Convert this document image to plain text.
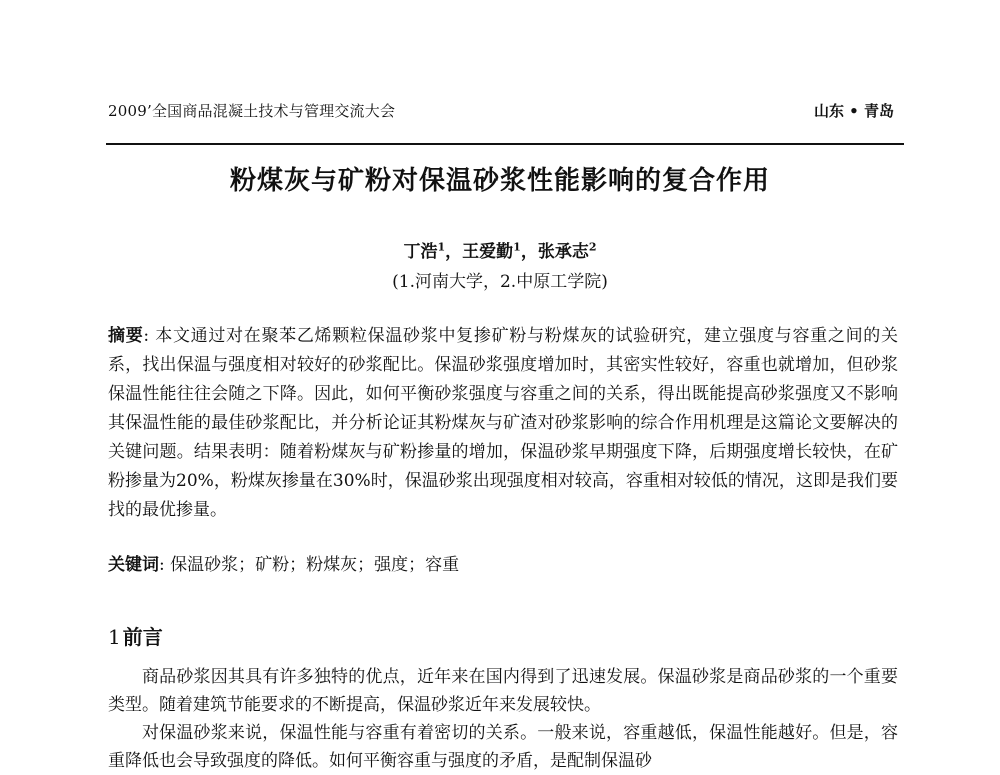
2009’全国商品混凝土技术与管理交流大会	山东 • 青岛
粉煤灰与矿粉对保温砂浆性能影响的复合作用
丁浩$^1$，王爱勤$^1$，张承志$^2$
(1.河南大学，2.中原工学院)

摘要: 本文通过对在聚苯乙烯颗粒保温砂浆中复掺矿粉与粉煤灰的试验研究，建立强度与容重之间的关系，找出保温与强度相对较好的砂浆配比。保温砂浆强度增加时，其密实性较好，容重也就增加，但砂浆保温性能往往会随之下降。因此，如何平衡砂浆强度与容重之间的关系，得出既能提高砂浆强度又不影响其保温性能的最佳砂浆配比，并分析论证其粉煤灰与矿渣对砂浆影响的综合作用机理是这篇论文要解决的关键问题。结果表明：随着粉煤灰与矿粉掺量的增加，保温砂浆早期强度下降，后期强度增长较快，在矿粉掺量为20%，粉煤灰掺量在30%时，保温砂浆出现强度相对较高，容重相对较低的情况，这即是我们要找的最优掺量。

关键词: 保温砂浆；矿粉；粉煤灰；强度；容重
1 前言

商品砂浆因其具有许多独特的优点，近年来在国内得到了迅速发展。保温砂浆是商品砂浆的一个重要类型。随着建筑节能要求的不断提高，保温砂浆近年来发展较快。

对保温砂浆来说，保温性能与容重有着密切的关系。一般来说，容重越低，保温性能越好。但是，容重降低也会导致强度的降低。如何平衡容重与强度的矛盾，是配制保温砂
